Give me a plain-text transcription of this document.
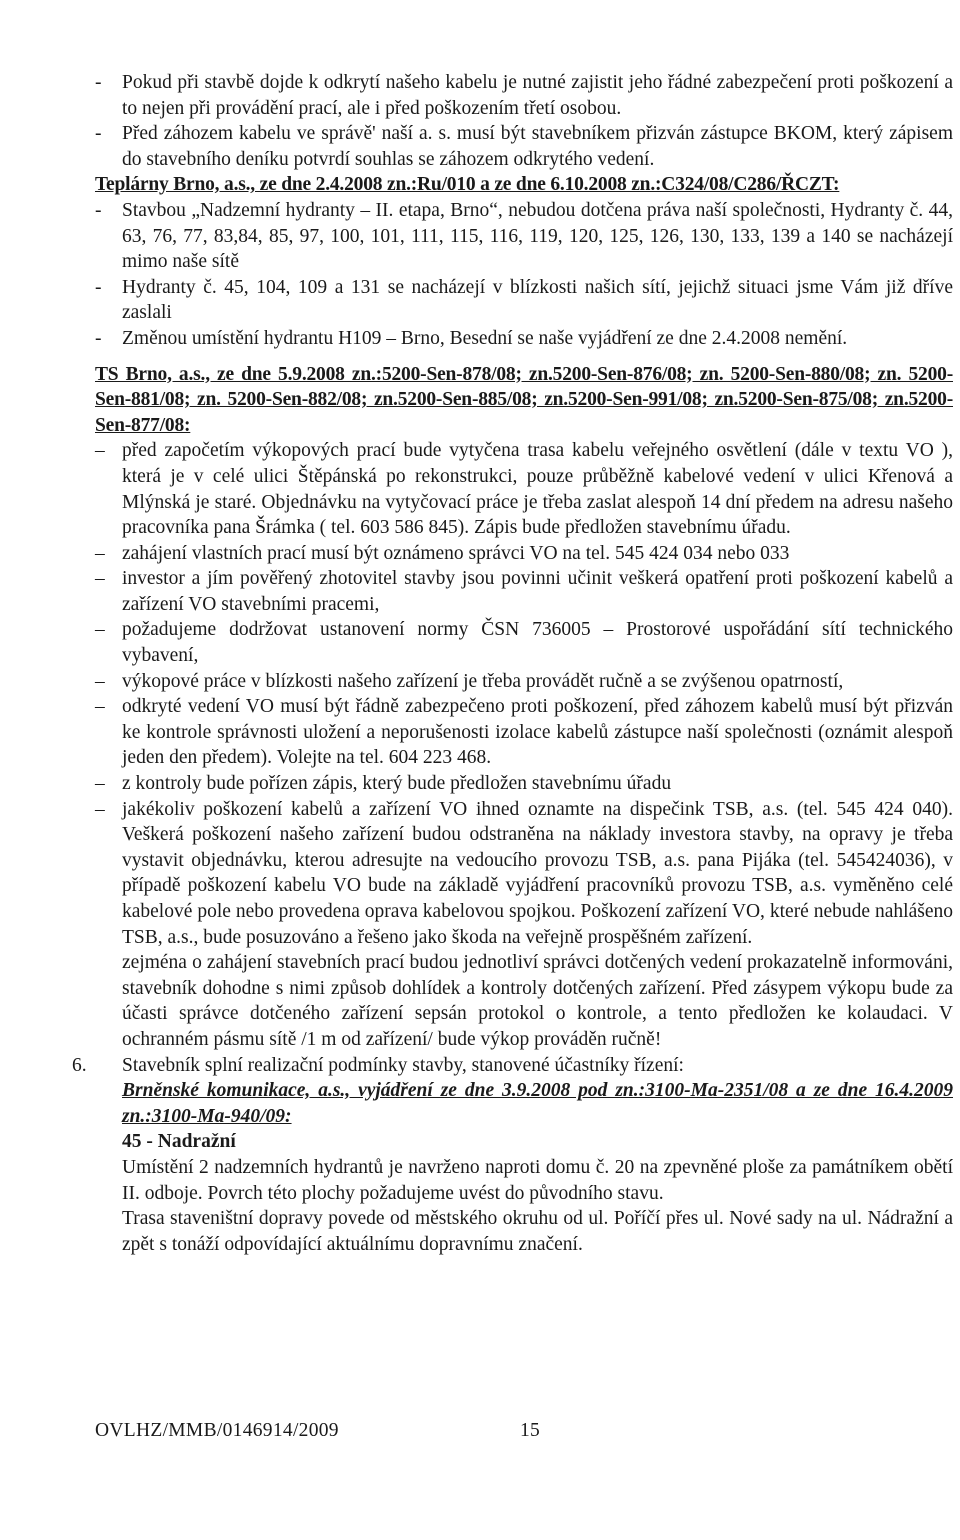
- Pokud při stavbě dojde k odkrytí našeho kabelu je nutné zajistit jeho řádné zabezpečení proti poškození a to nejen při provádění prací, ale i před poškozením třetí osobou.
- Před záhozem kabelu ve správě' naší a. s. musí být stavebníkem přizván zástupce BKOM, který zápisem do stavebního deníku potvrdí souhlas se záhozem odkrytého vedení.
Teplárny Brno, a.s., ze dne 2.4.2008 zn.:Ru/010 a ze dne 6.10.2008 zn.:C324/08/C286/ŘCZT:
- Stavbou „Nadzemní hydranty – II. etapa, Brno“, nebudou dotčena práva naší společnosti, Hydranty č. 44, 63, 76, 77, 83,84, 85, 97, 100, 101, 111, 115, 116, 119, 120, 125, 126, 130, 133, 139 a 140 se nacházejí mimo naše sítě
- Hydranty č. 45, 104, 109 a 131 se nacházejí v blízkosti našich sítí, jejichž situaci jsme Vám již dříve zaslali
- Změnou umístění hydrantu H109 – Brno, Besední se naše vyjádření ze dne 2.4.2008 nemění.
TS Brno, a.s., ze dne 5.9.2008 zn.:5200-Sen-878/08; zn.5200-Sen-876/08; zn. 5200-Sen-880/08; zn. 5200-Sen-881/08; zn. 5200-Sen-882/08; zn.5200-Sen-885/08; zn.5200-Sen-991/08; zn.5200-Sen-875/08; zn.5200-Sen-877/08:
– před započetím výkopových prací bude vytyčena trasa kabelu veřejného osvětlení (dále v textu VO ), která je v celé ulici Štěpánská po rekonstrukci, pouze průběžně kabelové vedení v ulici Křenová a Mlýnská je staré. Objednávku na vytyčovací práce je třeba zaslat alespoň 14 dní předem na adresu našeho pracovníka pana Šrámka ( tel. 603 586 845). Zápis bude předložen stavebnímu úřadu.
– zahájení vlastních prací musí být oznámeno správci VO na tel. 545 424 034 nebo 033
– investor a jím pověřený zhotovitel stavby jsou povinni učinit veškerá opatření proti poškození kabelů a zařízení VO stavebními pracemi,
– požadujeme dodržovat ustanovení normy ČSN 736005 – Prostorové uspořádání sítí technického vybavení,
– výkopové práce v blízkosti našeho zařízení je třeba provádět ručně a se zvýšenou opatrností,
– odkryté vedení VO musí být řádně zabezpečeno proti poškození, před záhozem kabelů musí být přizván ke kontrole správnosti uložení a neporušenosti izolace kabelů zástupce naší společnosti (oznámit alespoň jeden den předem). Volejte na tel. 604 223 468.
– z kontroly bude pořízen zápis, který bude předložen stavebnímu úřadu
– jakékoliv poškození kabelů a zařízení VO ihned oznamte na dispečink TSB, a.s. (tel. 545 424 040). Veškerá poškození našeho zařízení budou odstraněna na náklady investora stavby, na opravy je třeba vystavit objednávku, kterou adresujte na vedoucího provozu TSB, a.s. pana Pijáka (tel. 545424036), v případě poškození kabelu VO bude na základě vyjádření pracovníků provozu TSB, a.s. vyměněno celé kabelové pole nebo provedena oprava kabelovou spojkou. Poškození zařízení VO, které nebude nahlášeno TSB, a.s., bude posuzováno a řešeno jako škoda na veřejně prospěšném zařízení.
zejména o zahájení stavebních prací budou jednotliví správci dotčených vedení prokazatelně informováni, stavebník dohodne s nimi způsob dohlídek a kontroly dotčených zařízení. Před zásypem výkopu bude za účasti správce dotčeného zařízení sepsán protokol o kontrole, a tento předložen ke kolaudaci. V ochranném pásmu sítě /1 m od zařízení/ bude výkop prováděn ručně!
6. Stavebník splní realizační podmínky stavby, stanovené účastníky řízení:
Brněnské komunikace, a.s., vyjádření ze dne 3.9.2008 pod zn.:3100-Ma-2351/08 a ze dne 16.4.2009 zn.:3100-Ma-940/09:
45 - Nadražní
Umístění 2 nadzemních hydrantů je navrženo naproti domu č. 20 na zpevněné ploše za památníkem obětí II. odboje. Povrch této plochy požadujeme uvést do původního stavu.
Trasa staveništní dopravy povede od městského okruhu od ul. Poříčí přes ul. Nové sady na ul. Nádražní a zpět s tonáží odpovídající aktuálnímu dopravnímu značení.
OVLHZ/MMB/0146914/2009	15
